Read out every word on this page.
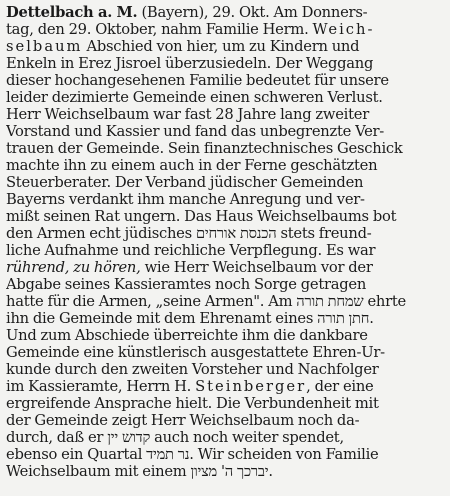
Dettelbach a. M. (Bayern), 29. Okt. Am Donners-
tag, den 29. Oktober, nahm Familie Herm. Weich-
selbaum Abschied von hier, um zu Kindern und
Enkeln in Erez Jisroel überzusiedeln. Der Weggang
dieser hochangesehenen Familie bedeutet für unsere
leider dezimierte Gemeinde einen schweren Verlust.
Herr Weichselbaum war fast 28 Jahre lang zweiter
Vorstand und Kassier und fand das unbegrenzte Ver-
trauen der Gemeinde. Sein finanztechnisches Geschick
machte ihn zu einem auch in der Ferne geschätzten
Steuerberater. Der Verband jüdischer Gemeinden
Bayerns verdankt ihm manche Anregung und ver-
mißt seinen Rat ungern. Das Haus Weichselbaums bot
den Armen echt jüdisches הכנסת אורחים stets freund-
liche Aufnahme und reichliche Verpflegung. Es war
rührend, zu hören, wie Herr Weichselbaum vor der
Abgabe seines Kassieramtes noch Sorge getragen
hatte für die Armen, „seine Armen". Am שמחת תורה ehrte
ihn die Gemeinde mit dem Ehrenamt eines חתן תורה.
Und zum Abschiede überreichte ihm die dankbare
Gemeinde eine künstlerisch ausgestattete Ehren-Ur-
kunde durch den zweiten Vorsteher und Nachfolger
im Kassieramte, Herrn H. Steinberger, der eine
ergreifende Ansprache hielt. Die Verbundenheit mit
der Gemeinde zeigt Herr Weichselbaum noch da-
durch, daß er קדוש יין auch noch weiter spendet,
ebenso ein Quartal נר תמיד. Wir scheiden von Familie
Weichselbaum mit einem יברכך ה' מציון.
